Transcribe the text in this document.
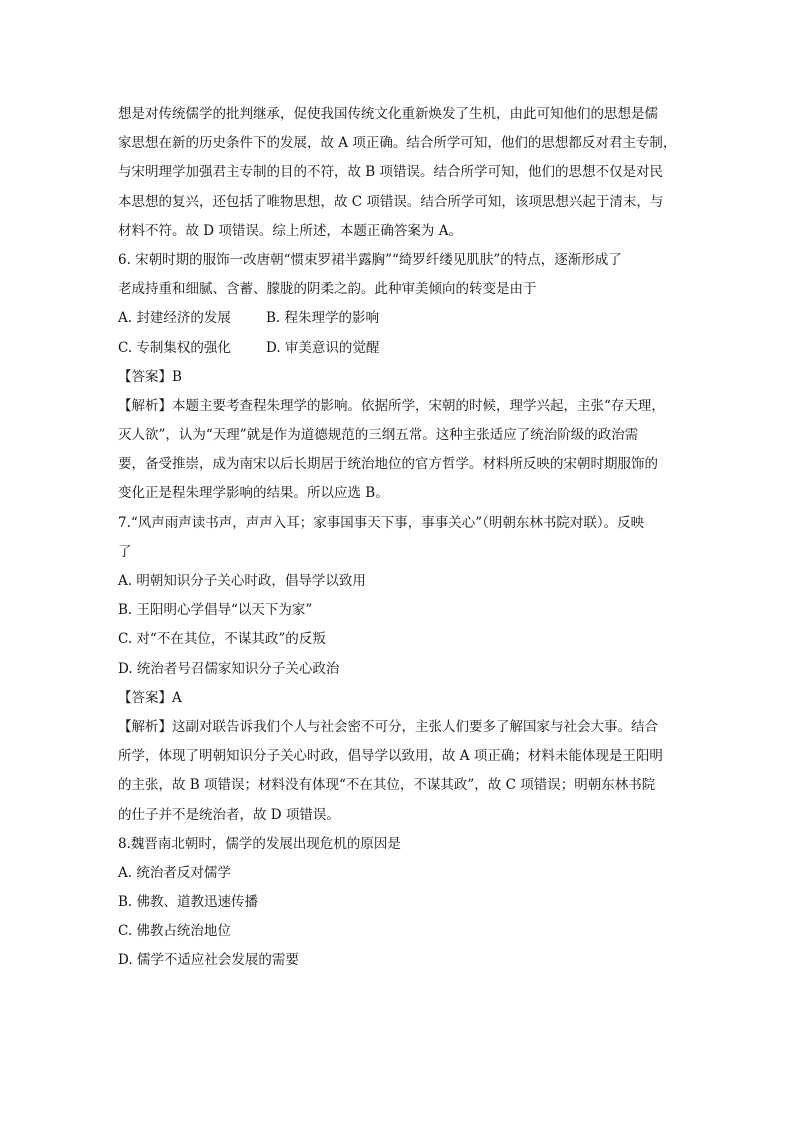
想是对传统儒学的批判继承，促使我国传统文化重新焕发了生机，由此可知他们的思想是儒
家思想在新的历史条件下的发展，故 A 项正确。结合所学可知，他们的思想都反对君主专制，
与宋明理学加强君主专制的目的不符，故 B 项错误。结合所学可知，他们的思想不仅是对民
本思想的复兴，还包括了唯物思想，故 C 项错误。结合所学可知，该项思想兴起于清末，与
材料不符。故 D 项错误。综上所述，本题正确答案为 A。
6. 宋朝时期的服饰一改唐朝“惯束罗裙半露胸”“绮罗纤缕见肌肤”的特点，逐渐形成了
老成持重和细腻、含蓄、朦胧的阴柔之韵。此种审美倾向的转变是由于
A. 封建经济的发展	B. 程朱理学的影响
C. 专制集权的强化	D. 审美意识的觉醒
【答案】B
【解析】本题主要考查程朱理学的影响。依据所学，宋朝的时候，理学兴起，主张“存天理，
灭人欲”，认为“天理”就是作为道德规范的三纲五常。这种主张适应了统治阶级的政治需
要，备受推崇，成为南宋以后长期居于统治地位的官方哲学。材料所反映的宋朝时期服饰的
变化正是程朱理学影响的结果。所以应选 B。
7.“风声雨声读书声，声声入耳；家事国事天下事，事事关心”（明朝东林书院对联）。反映
了
A. 明朝知识分子关心时政，倡导学以致用
B. 王阳明心学倡导“以天下为家”
C. 对“不在其位，不谋其政”的反叛
D. 统治者号召儒家知识分子关心政治
【答案】A
【解析】这副对联告诉我们个人与社会密不可分，主张人们要多了解国家与社会大事。结合
所学，体现了明朝知识分子关心时政，倡导学以致用，故 A 项正确；材料未能体现是王阳明
的主张，故 B 项错误；材料没有体现“不在其位，不谋其政”，故 C 项错误；明朝东林书院
的仕子并不是统治者，故 D 项错误。
8.魏晋南北朝时，儒学的发展出现危机的原因是
A. 统治者反对儒学
B. 佛教、道教迅速传播
C. 佛教占统治地位
D. 儒学不适应社会发展的需要
